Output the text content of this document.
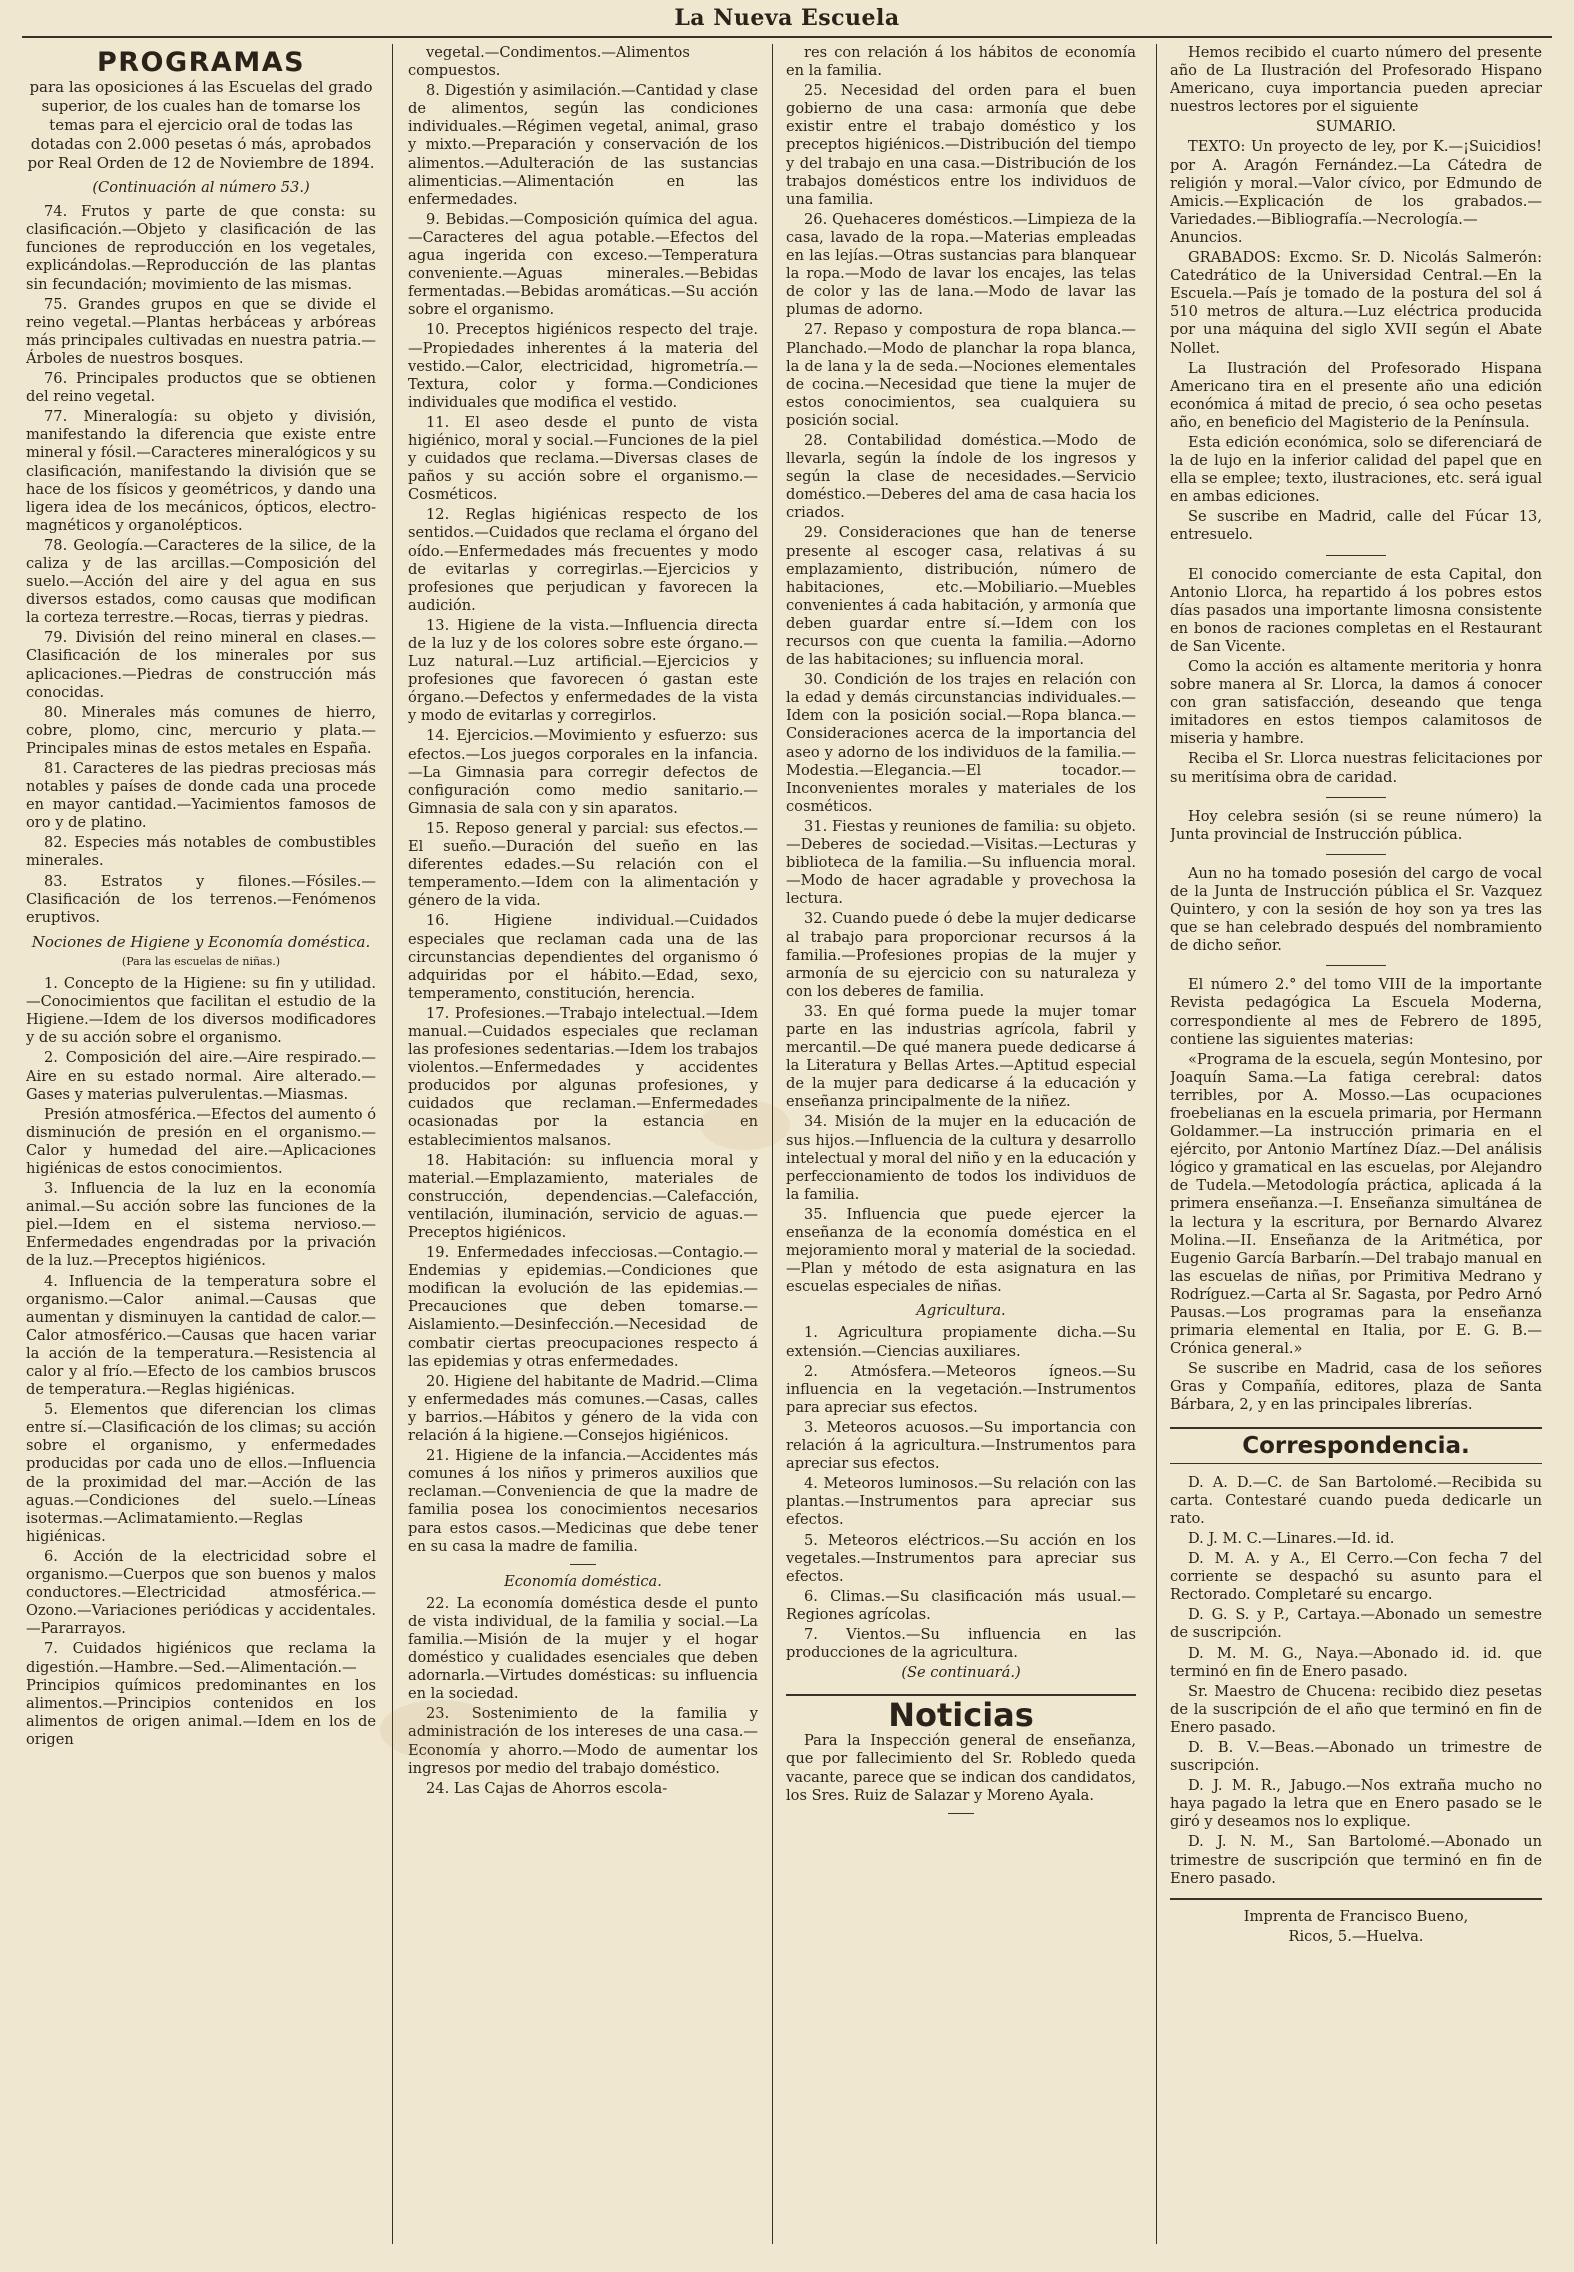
La Nueva Escuela
PROGRAMAS

para las oposiciones á las Escuelas del grado superior, de los cuales han de tomarse los temas para el ejercicio oral de todas las dotadas con 2.000 pesetas ó más, aprobados por Real Orden de 12 de Noviembre de 1894.

(Continuación al número 53.)

74. Frutos y parte de que consta: su clasificación.—Objeto y clasificación de las funciones de reproducción en los vegetales, explicándolas.—Reproducción de las plantas sin fecundación; movimiento de las mismas.

75. Grandes grupos en que se divide el reino vegetal.—Plantas herbáceas y arbóreas más principales cultivadas en nuestra patria.—Árboles de nuestros bosques.

76. Principales productos que se obtienen del reino vegetal.

77. Mineralogía: su objeto y división, manifestando la diferencia que existe entre mineral y fósil.—Caracteres mineralógicos y su clasificación, manifestando la división que se hace de los físicos y geométricos, y dando una ligera idea de los mecánicos, ópticos, electro-magnéticos y organolépticos.

78. Geología.—Caracteres de la silice, de la caliza y de las arcillas.—Composición del suelo.—Acción del aire y del agua en sus diversos estados, como causas que modifican la corteza terrestre.—Rocas, tierras y piedras.

79. División del reino mineral en clases.—Clasificación de los minerales por sus aplicaciones.—Piedras de construcción más conocidas.

80. Minerales más comunes de hierro, cobre, plomo, cinc, mercurio y plata.—Principales minas de estos metales en España.

81. Caracteres de las piedras preciosas más notables y países de donde cada una procede en mayor cantidad.—Yacimientos famosos de oro y de platino.

82. Especies más notables de combustibles minerales.

83. Estratos y filones.—Fósiles.—Clasificación de los terrenos.—Fenómenos eruptivos.

Nociones de Higiene y Economía doméstica.

(Para las escuelas de niñas.)

1. Concepto de la Higiene: su fin y utilidad.—Conocimientos que facilitan el estudio de la Higiene.—Idem de los diversos modificadores y de su acción sobre el organismo.

2. Composición del aire.—Aire respirado.—Aire en su estado normal. Aire alterado.—Gases y materias pulverulentas.—Miasmas.

Presión atmosférica.—Efectos del aumento ó disminución de presión en el organismo.—Calor y humedad del aire.—Aplicaciones higiénicas de estos conocimientos.

3. Influencia de la luz en la economía animal.—Su acción sobre las funciones de la piel.—Idem en el sistema nervioso.—Enfermedades engendradas por la privación de la luz.—Preceptos higiénicos.

4. Influencia de la temperatura sobre el organismo.—Calor animal.—Causas que aumentan y disminuyen la cantidad de calor.—Calor atmosférico.—Causas que hacen variar la acción de la temperatura.—Resistencia al calor y al frío.—Efecto de los cambios bruscos de temperatura.—Reglas higiénicas.

5. Elementos que diferencian los climas entre sí.—Clasificación de los climas; su acción sobre el organismo, y enfermedades producidas por cada uno de ellos.—Influencia de la proximidad del mar.—Acción de las aguas.—Condiciones del suelo.—Líneas isotermas.—Aclimatamiento.—Reglas higiénicas.

6. Acción de la electricidad sobre el organismo.—Cuerpos que son buenos y malos conductores.—Electricidad atmosférica.—Ozono.—Variaciones periódicas y accidentales.—Pararrayos.

7. Cuidados higiénicos que reclama la digestión.—Hambre.—Sed.—Alimentación.—Principios químicos predominantes en los alimentos.—Principios contenidos en los alimentos de origen animal.—Idem en los de origen

vegetal.—Condimentos.—Alimentos compuestos.

8. Digestión y asimilación.—Cantidad y clase de alimentos, según las condiciones individuales.—Régimen vegetal, animal, graso y mixto.—Preparación y conservación de los alimentos.—Adulteración de las sustancias alimenticias.—Alimentación en las enfermedades.

9. Bebidas.—Composición química del agua.—Caracteres del agua potable.—Efectos del agua ingerida con exceso.—Temperatura conveniente.—Aguas minerales.—Bebidas fermentadas.—Bebidas aromáticas.—Su acción sobre el organismo.

10. Preceptos higiénicos respecto del traje.—Propiedades inherentes á la materia del vestido.—Calor, electricidad, higrometría.—Textura, color y forma.—Condiciones individuales que modifica el vestido.

11. El aseo desde el punto de vista higiénico, moral y social.—Funciones de la piel y cuidados que reclama.—Diversas clases de paños y su acción sobre el organismo.—Cosméticos.

12. Reglas higiénicas respecto de los sentidos.—Cuidados que reclama el órgano del oído.—Enfermedades más frecuentes y modo de evitarlas y corregirlas.—Ejercicios y profesiones que perjudican y favorecen la audición.

13. Higiene de la vista.—Influencia directa de la luz y de los colores sobre este órgano.—Luz natural.—Luz artificial.—Ejercicios y profesiones que favorecen ó gastan este órgano.—Defectos y enfermedades de la vista y modo de evitarlas y corregirlos.

14. Ejercicios.—Movimiento y esfuerzo: sus efectos.—Los juegos corporales en la infancia.—La Gimnasia para corregir defectos de configuración como medio sanitario.—Gimnasia de sala con y sin aparatos.

15. Reposo general y parcial: sus efectos.—El sueño.—Duración del sueño en las diferentes edades.—Su relación con el temperamento.—Idem con la alimentación y género de la vida.

16. Higiene individual.—Cuidados especiales que reclaman cada una de las circunstancias dependientes del organismo ó adquiridas por el hábito.—Edad, sexo, temperamento, constitución, herencia.

17. Profesiones.—Trabajo intelectual.—Idem manual.—Cuidados especiales que reclaman las profesiones sedentarias.—Idem los trabajos violentos.—Enfermedades y accidentes producidos por algunas profesiones, y cuidados que reclaman.—Enfermedades ocasionadas por la estancia en establecimientos malsanos.

18. Habitación: su influencia moral y material.—Emplazamiento, materiales de construcción, dependencias.—Calefacción, ventilación, iluminación, servicio de aguas.—Preceptos higiénicos.

19. Enfermedades infecciosas.—Contagio.—Endemias y epidemias.—Condiciones que modifican la evolución de las epidemias.—Precauciones que deben tomarse.—Aislamiento.—Desinfección.—Necesidad de combatir ciertas preocupaciones respecto á las epidemias y otras enfermedades.

20. Higiene del habitante de Madrid.—Clima y enfermedades más comunes.—Casas, calles y barrios.—Hábitos y género de la vida con relación á la higiene.—Consejos higiénicos.

21. Higiene de la infancia.—Accidentes más comunes á los niños y primeros auxilios que reclaman.—Conveniencia de que la madre de familia posea los conocimientos necesarios para estos casos.—Medicinas que debe tener en su casa la madre de familia.

Economía doméstica.

22. La economía doméstica desde el punto de vista individual, de la familia y social.—La familia.—Misión de la mujer y el hogar doméstico y cualidades esenciales que deben adornarla.—Virtudes domésticas: su influencia en la sociedad.

23. Sostenimiento de la familia y administración de los intereses de una casa.—Economía y ahorro.—Modo de aumentar los ingresos por medio del trabajo doméstico.

24. Las Cajas de Ahorros escola-

res con relación á los hábitos de economía en la familia.

25. Necesidad del orden para el buen gobierno de una casa: armonía que debe existir entre el trabajo doméstico y los preceptos higiénicos.—Distribución del tiempo y del trabajo en una casa.—Distribución de los trabajos domésticos entre los individuos de una familia.

26. Quehaceres domésticos.—Limpieza de la casa, lavado de la ropa.—Materias empleadas en las lejías.—Otras sustancias para blanquear la ropa.—Modo de lavar los encajes, las telas de color y las de lana.—Modo de lavar las plumas de adorno.

27. Repaso y compostura de ropa blanca.—Planchado.—Modo de planchar la ropa blanca, la de lana y la de seda.—Nociones elementales de cocina.—Necesidad que tiene la mujer de estos conocimientos, sea cualquiera su posición social.

28. Contabilidad doméstica.—Modo de llevarla, según la índole de los ingresos y según la clase de necesidades.—Servicio doméstico.—Deberes del ama de casa hacia los criados.

29. Consideraciones que han de tenerse presente al escoger casa, relativas á su emplazamiento, distribución, número de habitaciones, etc.—Mobiliario.—Muebles convenientes á cada habitación, y armonía que deben guardar entre sí.—Idem con los recursos con que cuenta la familia.—Adorno de las habitaciones; su influencia moral.

30. Condición de los trajes en relación con la edad y demás circunstancias individuales.—Idem con la posición social.—Ropa blanca.—Consideraciones acerca de la importancia del aseo y adorno de los individuos de la familia.—Modestia.—Elegancia.—El tocador.—Inconvenientes morales y materiales de los cosméticos.

31. Fiestas y reuniones de familia: su objeto.—Deberes de sociedad.—Visitas.—Lecturas y biblioteca de la familia.—Su influencia moral.—Modo de hacer agradable y provechosa la lectura.

32. Cuando puede ó debe la mujer dedicarse al trabajo para proporcionar recursos á la familia.—Profesiones propias de la mujer y armonía de su ejercicio con su naturaleza y con los deberes de familia.

33. En qué forma puede la mujer tomar parte en las industrias agrícola, fabril y mercantil.—De qué manera puede dedicarse á la Literatura y Bellas Artes.—Aptitud especial de la mujer para dedicarse á la educación y enseñanza principalmente de la niñez.

34. Misión de la mujer en la educación de sus hijos.—Influencia de la cultura y desarrollo intelectual y moral del niño y en la educación y perfeccionamiento de todos los individuos de la familia.

35. Influencia que puede ejercer la enseñanza de la economía doméstica en el mejoramiento moral y material de la sociedad.—Plan y método de esta asignatura en las escuelas especiales de niñas.

Agricultura.

1. Agricultura propiamente dicha.—Su extensión.—Ciencias auxiliares.

2. Atmósfera.—Meteoros ígneos.—Su influencia en la vegetación.—Instrumentos para apreciar sus efectos.

3. Meteoros acuosos.—Su importancia con relación á la agricultura.—Instrumentos para apreciar sus efectos.

4. Meteoros luminosos.—Su relación con las plantas.—Instrumentos para apreciar sus efectos.

5. Meteoros eléctricos.—Su acción en los vegetales.—Instrumentos para apreciar sus efectos.

6. Climas.—Su clasificación más usual.—Regiones agrícolas.

7. Vientos.—Su influencia en las producciones de la agricultura.

(Se continuará.)

Noticias

Para la Inspección general de enseñanza, que por fallecimiento del Sr. Robledo queda vacante, parece que se indican dos candidatos, los Sres. Ruiz de Salazar y Moreno Ayala.

Hemos recibido el cuarto número del presente año de La Ilustración del Profesorado Hispano Americano, cuya importancia pueden apreciar nuestros lectores por el siguiente

SUMARIO.

TEXTO: Un proyecto de ley, por K.—¡Suicidios! por A. Aragón Fernández.—La Cátedra de religión y moral.—Valor cívico, por Edmundo de Amicis.—Explicación de los grabados.—Variedades.—Bibliografía.—Necrología.—Anuncios.

GRABADOS: Excmo. Sr. D. Nicolás Salmerón: Catedrático de la Universidad Central.—En la Escuela.—País je tomado de la postura del sol á 510 metros de altura.—Luz eléctrica producida por una máquina del siglo XVII según el Abate Nollet.

La Ilustración del Profesorado Hispana Americano tira en el presente año una edición económica á mitad de precio, ó sea ocho pesetas año, en beneficio del Magisterio de la Península.

Esta edición económica, solo se diferenciará de la de lujo en la inferior calidad del papel que en ella se emplee; texto, ilustraciones, etc. será igual en ambas ediciones.

Se suscribe en Madrid, calle del Fúcar 13, entresuelo.

El conocido comerciante de esta Capital, don Antonio Llorca, ha repartido á los pobres estos días pasados una importante limosna consistente en bonos de raciones completas en el Restaurant de San Vicente.

Como la acción es altamente meritoria y honra sobre manera al Sr. Llorca, la damos á conocer con gran satisfacción, deseando que tenga imitadores en estos tiempos calamitosos de miseria y hambre.

Reciba el Sr. Llorca nuestras felicitaciones por su meritísima obra de caridad.

Hoy celebra sesión (si se reune número) la Junta provincial de Instrucción pública.

Aun no ha tomado posesión del cargo de vocal de la Junta de Instrucción pública el Sr. Vazquez Quintero, y con la sesión de hoy son ya tres las que se han celebrado después del nombramiento de dicho señor.

El número 2.° del tomo VIII de la importante Revista pedagógica La Escuela Moderna, correspondiente al mes de Febrero de 1895, contiene las siguientes materias:

«Programa de la escuela, según Montesino, por Joaquín Sama.—La fatiga cerebral: datos terribles, por A. Mosso.—Las ocupaciones froebelianas en la escuela primaria, por Hermann Goldammer.—La instrucción primaria en el ejército, por Antonio Martínez Díaz.—Del análisis lógico y gramatical en las escuelas, por Alejandro de Tudela.—Metodología práctica, aplicada á la primera enseñanza.—I. Enseñanza simultánea de la lectura y la escritura, por Bernardo Alvarez Molina.—II. Enseñanza de la Aritmética, por Eugenio García Barbarín.—Del trabajo manual en las escuelas de niñas, por Primitiva Medrano y Rodríguez.—Carta al Sr. Sagasta, por Pedro Arnó Pausas.—Los programas para la enseñanza primaria elemental en Italia, por E. G. B.—Crónica general.»

Se suscribe en Madrid, casa de los señores Gras y Compañía, editores, plaza de Santa Bárbara, 2, y en las principales librerías.

Correspondencia.

D. A. D.—C. de San Bartolomé.—Recibida su carta. Contestaré cuando pueda dedicarle un rato.

D. J. M. C.—Linares.—Id. id.

D. M. A. y A., El Cerro.—Con fecha 7 del corriente se despachó su asunto para el Rectorado. Completaré su encargo.

D. G. S. y P., Cartaya.—Abonado un semestre de suscripción.

D. M. M. G., Naya.—Abonado id. id. que terminó en fin de Enero pasado.

Sr. Maestro de Chucena: recibido diez pesetas de la suscripción de el año que terminó en fin de Enero pasado.

D. B. V.—Beas.—Abonado un trimestre de suscripción.

D. J. M. R., Jabugo.—Nos extraña mucho no haya pagado la letra que en Enero pasado se le giró y deseamos nos lo explique.

D. J. N. M., San Bartolomé.—Abonado un trimestre de suscripción que terminó en fin de Enero pasado.

Imprenta de Francisco Bueno,

Ricos, 5.—Huelva.
